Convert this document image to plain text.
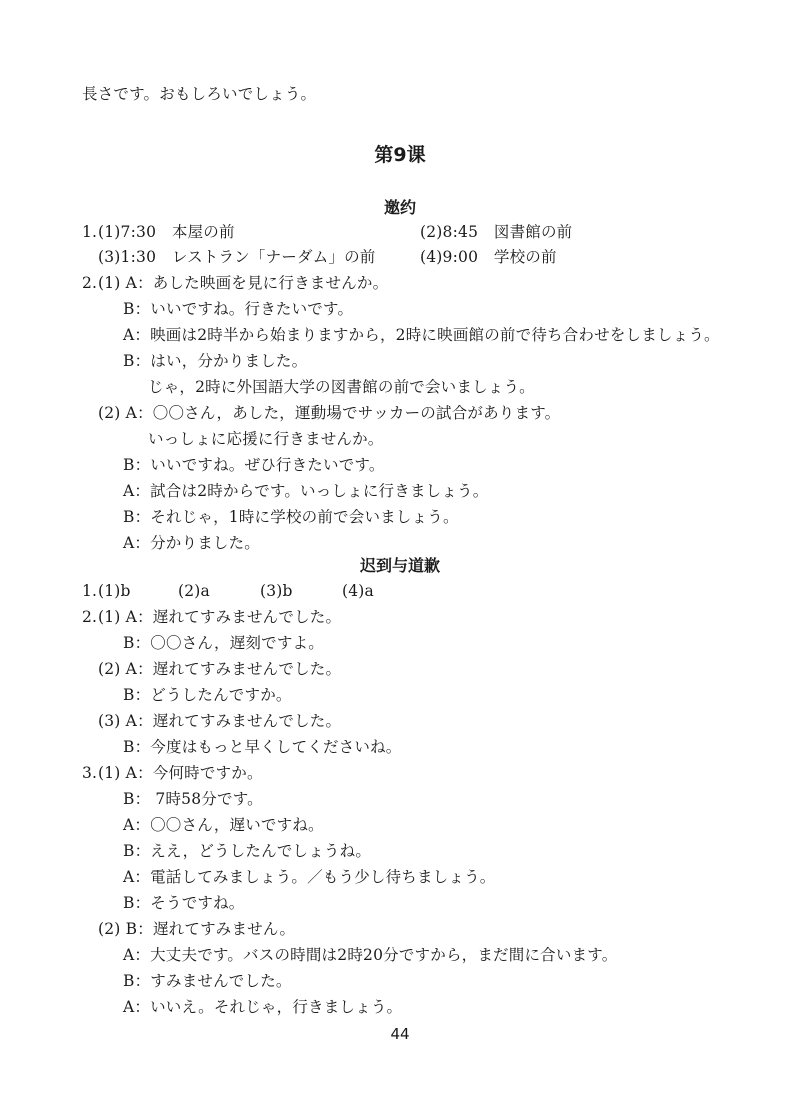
長さです。おもしろいでしょう。
第9课
邀约
1. (1)7:30　本屋の前	(2)8:45　図書館の前
(3)1:30　レストラン「ナーダム」の前	(4)9:00　学校の前
2. (1) A：あした映画を見に行きませんか。
B：いいですね。行きたいです。
A：映画は2時半から始まりますから，2時に映画館の前で待ち合わせをしましょう。
B：はい，分かりました。
じゃ，2時に外国語大学の図書館の前で会いましょう。
(2) A：〇〇さん，あした，運動場でサッカーの試合があります。
いっしょに応援に行きませんか。
B：いいですね。ぜひ行きたいです。
A：試合は2時からです。いっしょに行きましょう。
B：それじゃ，1時に学校の前で会いましょう。
A：分かりました。
迟到与道歉
1. (1)b	(2)a	(3)b	(4)a
2. (1) A：遅れてすみませんでした。
B：〇〇さん，遅刻ですよ。
(2) A：遅れてすみませんでした。
B：どうしたんですか。
(3) A：遅れてすみませんでした。
B：今度はもっと早くしてくださいね。
3. (1) A：今何時ですか。
B： 7時58分です。
A：〇〇さん，遅いですね。
B：ええ，どうしたんでしょうね。
A：電話してみましょう。／もう少し待ちましょう。
B：そうですね。
(2) B：遅れてすみません。
A：大丈夫です。バスの時間は2時20分ですから，まだ間に合います。
B：すみませんでした。
A：いいえ。それじゃ，行きましょう。
44
